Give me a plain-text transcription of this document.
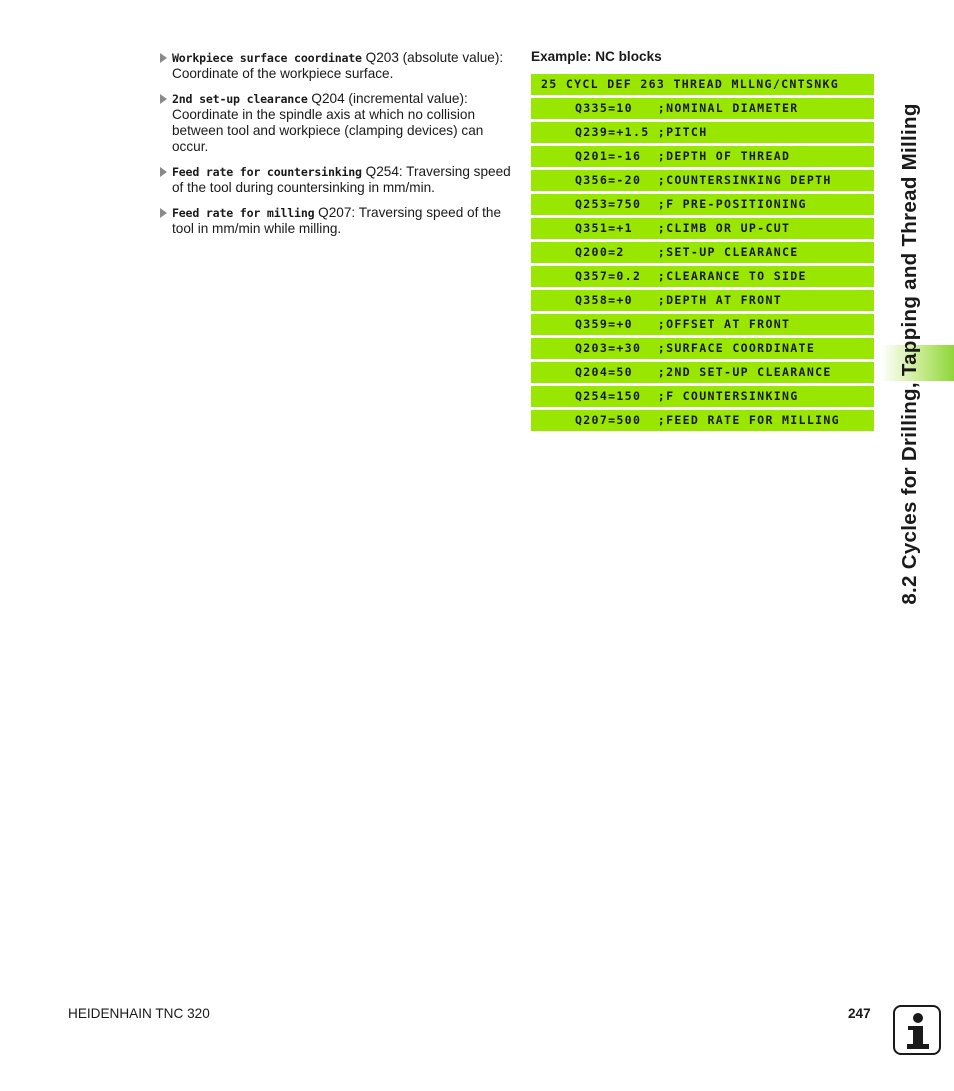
Workpiece surface coordinate Q203 (absolute value): Coordinate of the workpiece surface.
2nd set-up clearance Q204 (incremental value): Coordinate in the spindle axis at which no collision between tool and workpiece (clamping devices) can occur.
Feed rate for countersinking Q254: Traversing speed of the tool during countersinking in mm/min.
Feed rate for milling Q207: Traversing speed of the tool in mm/min while milling.
Example: NC blocks
25 CYCL DEF 263 THREAD MLLNG/CNTSNKG
Q335=10   ;NOMINAL DIAMETER
Q239=+1.5 ;PITCH
Q201=-16  ;DEPTH OF THREAD
Q356=-20  ;COUNTERSINKING DEPTH
Q253=750  ;F PRE-POSITIONING
Q351=+1   ;CLIMB OR UP-CUT
Q200=2    ;SET-UP CLEARANCE
Q357=0.2  ;CLEARANCE TO SIDE
Q358=+0   ;DEPTH AT FRONT
Q359=+0   ;OFFSET AT FRONT
Q203=+30  ;SURFACE COORDINATE
Q204=50   ;2ND SET-UP CLEARANCE
Q254=150  ;F COUNTERSINKING
Q207=500  ;FEED RATE FOR MILLING	8.2 Cycles for Drilling, Tapping and Thread Milling
HEIDENHAIN TNC 320	247
